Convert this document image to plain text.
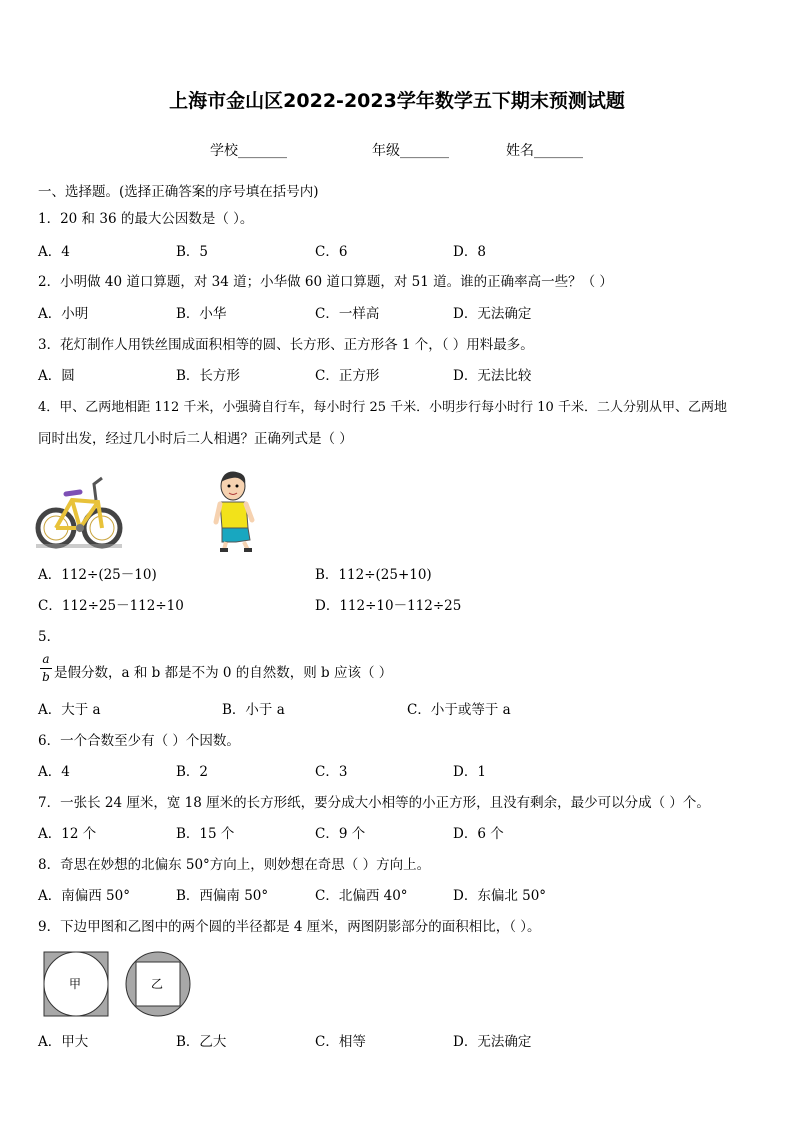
上海市金山区2022-2023学年数学五下期末预测试题
学校_______	年级_______	姓名_______
一、选择题。(选择正确答案的序号填在括号内)
1．20 和 36 的最大公因数是（ ）。
A．4	B．5	C．6	D．8
2．小明做 40 道口算题，对 34 道；小华做 60 道口算题，对 51 道。谁的正确率高一些？（ ）
A．小明	B．小华	C．一样高	D．无法确定
3．花灯制作人用铁丝围成面积相等的圆、长方形、正方形各 1 个，（ ）用料最多。
A．圆	B．长方形	C．正方形	D．无法比较
4．甲、乙两地相距 112 千米，小强骑自行车，每小时行 25 千米．小明步行每小时行 10 千米．二人分别从甲、乙两地
同时出发，经过几小时后二人相遇？正确列式是（ ）
A．112÷(25－10)	B．112÷(25+10)
C．112÷25－112÷10	D．112÷10－112÷25
5．
a
b 是假分数，a 和 b 都是不为 0 的自然数，则 b 应该（ ）
A．大于 a	B．小于 a	C．小于或等于 a
6．一个合数至少有（ ）个因数。
A．4	B．2	C．3	D．1
7．一张长 24 厘米，宽 18 厘米的长方形纸，要分成大小相等的小正方形，且没有剩余，最少可以分成（ ）个。
A．12 个	B．15 个	C．9 个	D．6 个
8．奇思在妙想的北偏东 50°方向上，则妙想在奇思（ ）方向上。
A．南偏西 50°	B．西偏南 50°	C．北偏西 40°	D．东偏北 50°
9．下边甲图和乙图中的两个圆的半径都是 4 厘米，两图阴影部分的面积相比，（ ）。
甲	乙
A．甲大	B．乙大	C．相等	D．无法确定
